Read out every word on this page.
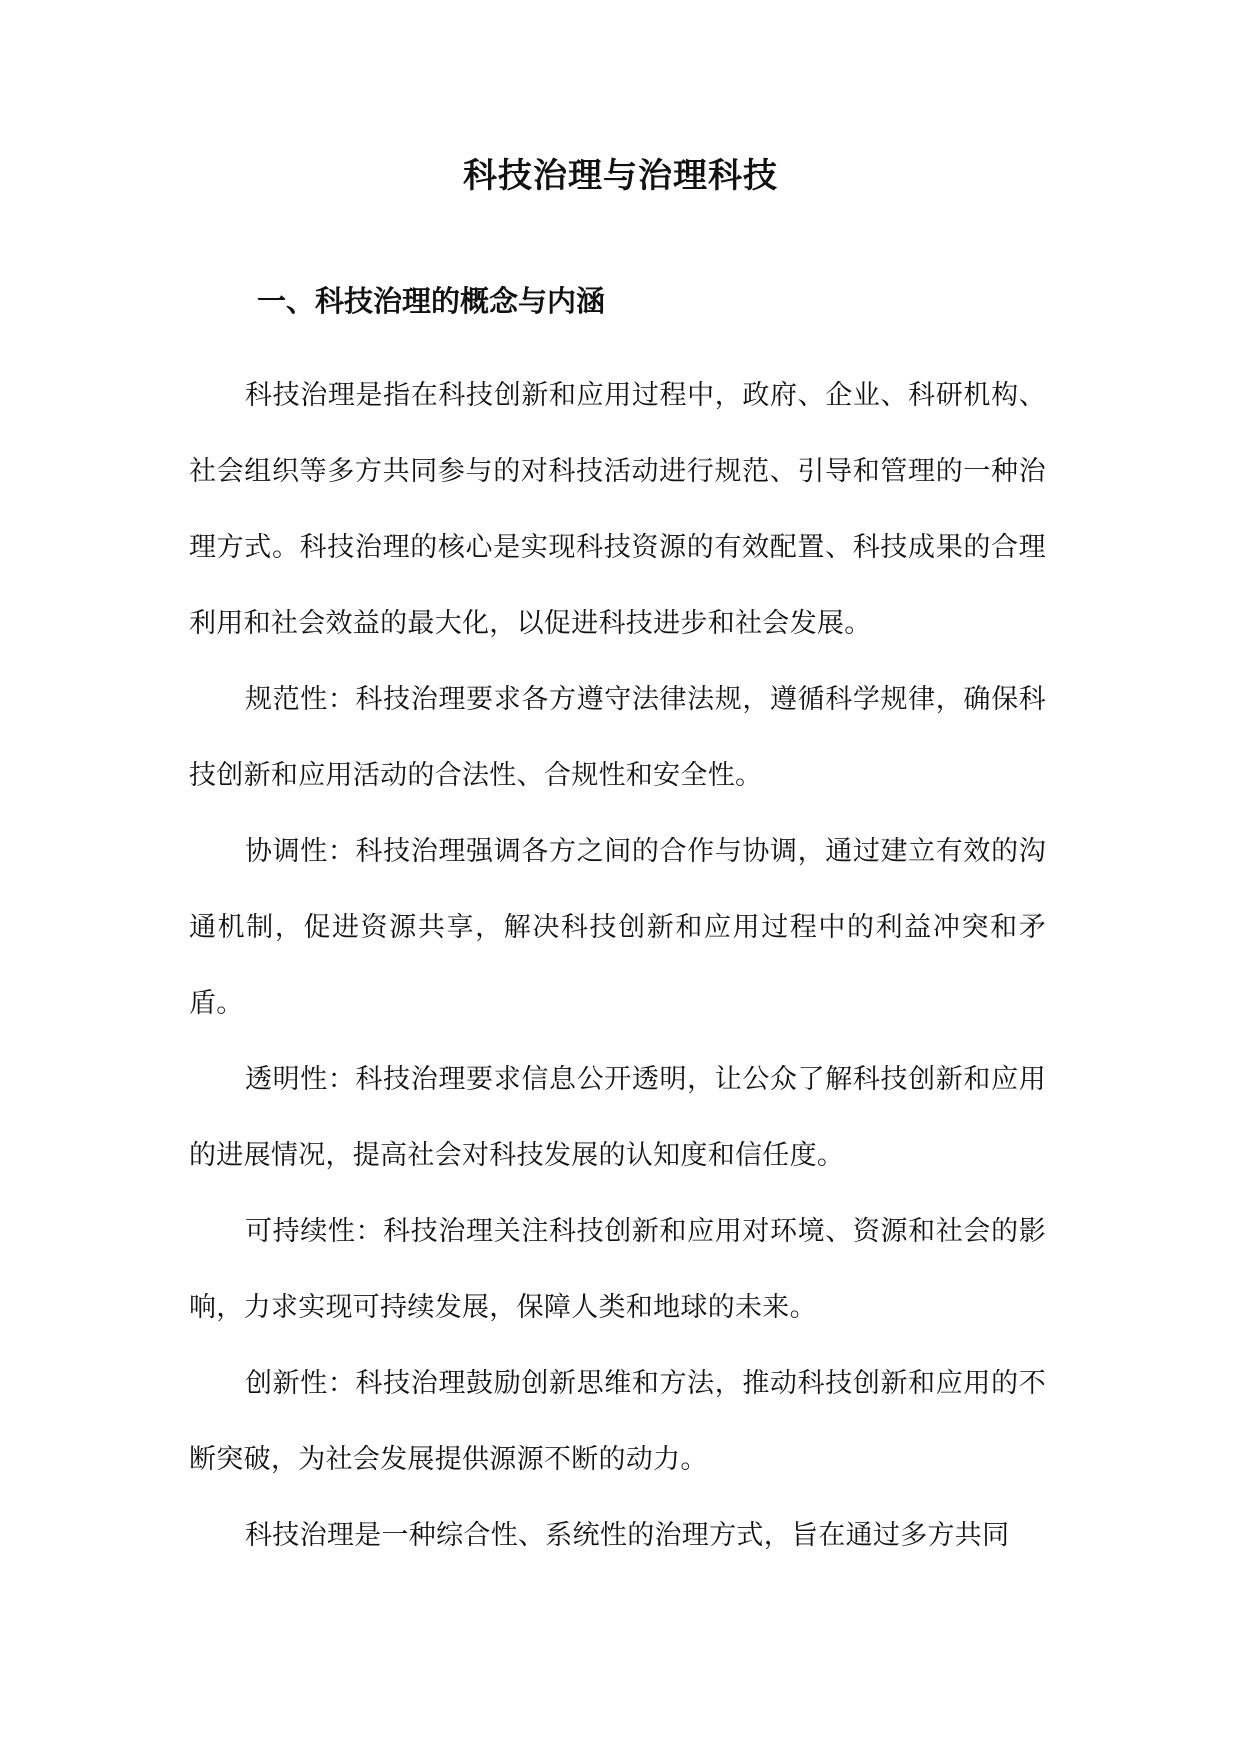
科技治理与治理科技
一、科技治理的概念与内涵

科技治理是指在科技创新和应用过程中，政府、企业、科研机构、社会组织等多方共同参与的对科技活动进行规范、引导和管理的一种治理方式。科技治理的核心是实现科技资源的有效配置、科技成果的合理利用和社会效益的最大化，以促进科技进步和社会发展。

规范性：科技治理要求各方遵守法律法规，遵循科学规律，确保科技创新和应用活动的合法性、合规性和安全性。

协调性：科技治理强调各方之间的合作与协调，通过建立有效的沟通机制，促进资源共享，解决科技创新和应用过程中的利益冲突和矛盾。

透明性：科技治理要求信息公开透明，让公众了解科技创新和应用的进展情况，提高社会对科技发展的认知度和信任度。

可持续性：科技治理关注科技创新和应用对环境、资源和社会的影响，力求实现可持续发展，保障人类和地球的未来。

创新性：科技治理鼓励创新思维和方法，推动科技创新和应用的不断突破，为社会发展提供源源不断的动力。

科技治理是一种综合性、系统性的治理方式，旨在通过多方共同
